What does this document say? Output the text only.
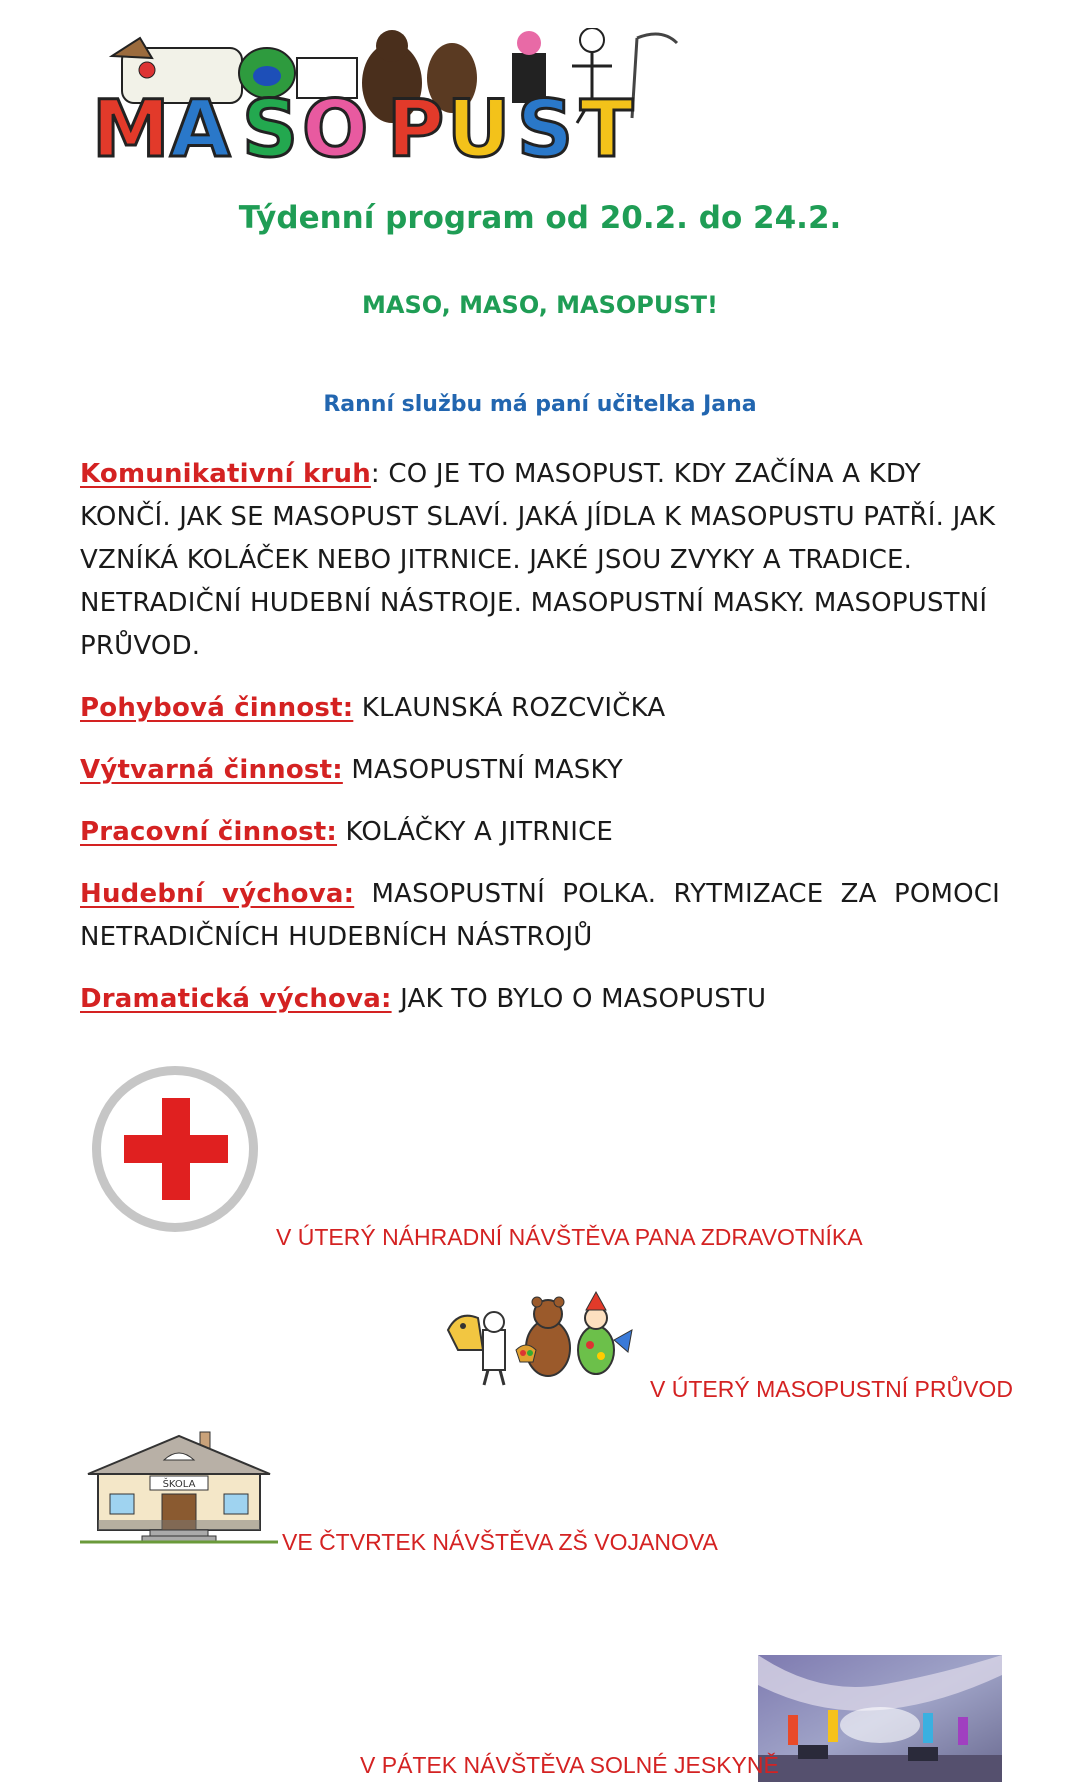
M A S O P U S T
Týdenní program od 20.2. do 24.2.
MASO, MASO, MASOPUST!
Ranní službu má paní učitelka Jana

Komunikativní kruh: CO JE TO MASOPUST. KDY ZAČÍNA A KDY KONČÍ. JAK SE MASOPUST SLAVÍ. JAKÁ JÍDLA K MASOPUSTU PATŘÍ. JAK VZNÍKÁ KOLÁČEK NEBO JITRNICE. JAKÉ JSOU ZVYKY A TRADICE. NETRADIČNÍ HUDEBNÍ NÁSTROJE. MASOPUSTNÍ MASKY. MASOPUSTNÍ PRŮVOD.

Pohybová činnost: KLAUNSKÁ ROZCVIČKA

Výtvarná činnost: MASOPUSTNÍ MASKY

Pracovní činnost: KOLÁČKY A JITRNICE

Hudební výchova: MASOPUSTNÍ POLKA. RYTMIZACE ZA POMOCI NETRADIČNÍCH HUDEBNÍCH NÁSTROJŮ

Dramatická výchova: JAK TO BYLO O MASOPUSTU

V ÚTERÝ NÁHRADNÍ NÁVŠTĚVA PANA ZDRAVOTNÍKA
V ÚTERÝ MASOPUSTNÍ PRŮVOD
ŠKOLA
VE ČTVRTEK NÁVŠTĚVA ZŠ VOJANOVA
V PÁTEK NÁVŠTĚVA SOLNÉ JESKYNĚ
